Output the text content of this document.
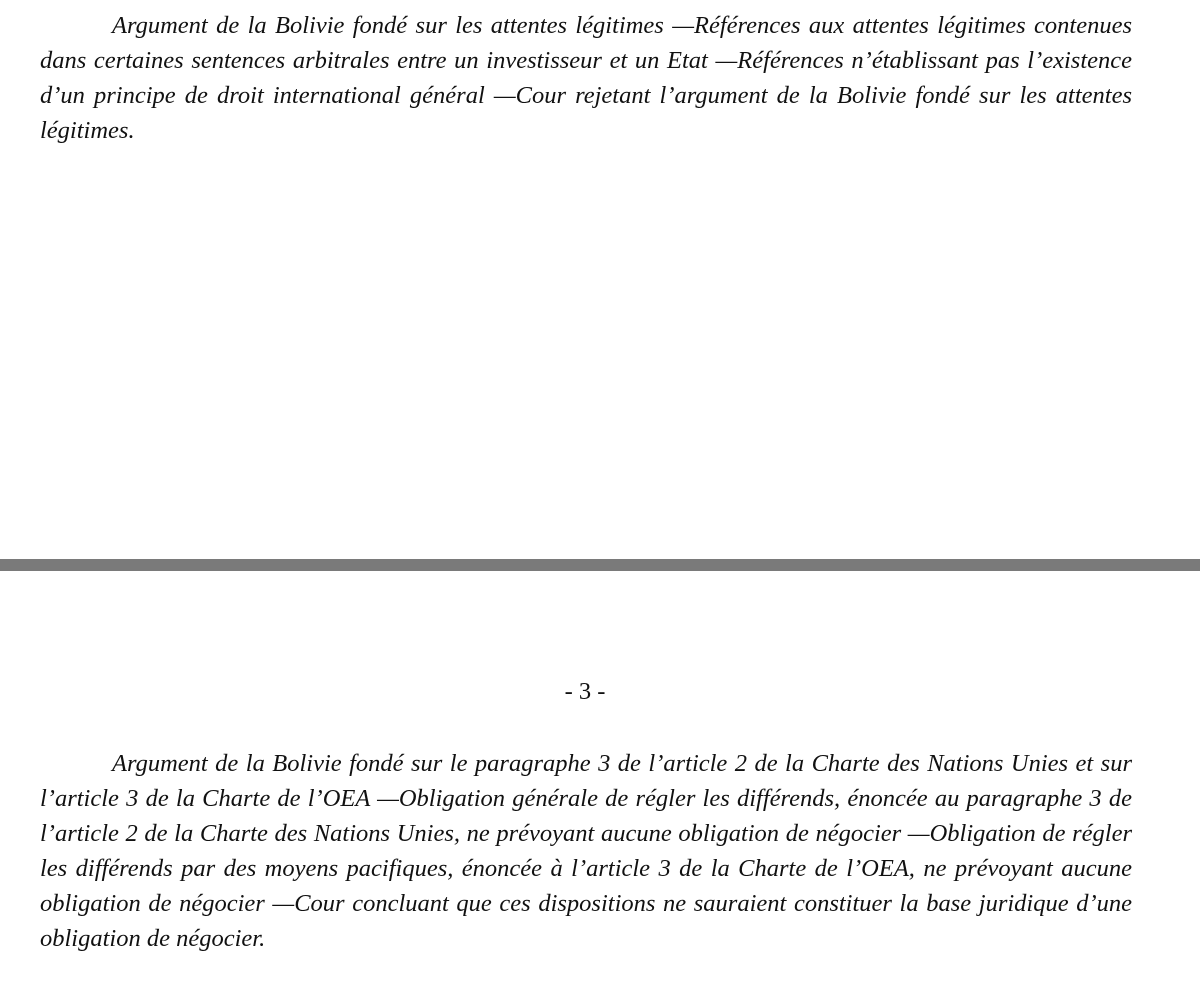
Argument de la Bolivie fondé sur les attentes légitimes —Références aux attentes légitimes contenues dans certaines sentences arbitrales entre un investisseur et un Etat —Références n’établissant pas l’existence d’un principe de droit international général —Cour rejetant l’argument de la Bolivie fondé sur les attentes légitimes.

- 3 -

Argument de la Bolivie fondé sur le paragraphe 3 de l’article 2 de la Charte des Nations Unies et sur l’article 3 de la Charte de l’OEA —Obligation générale de régler les différends, énoncée au paragraphe 3 de l’article 2 de la Charte des Nations Unies, ne prévoyant aucune obligation de négocier —Obligation de régler les différends par des moyens pacifiques, énoncée à l’article 3 de la Charte de l’OEA, ne prévoyant aucune obligation de négocier —Cour concluant que ces dispositions ne sauraient constituer la base juridique d’une obligation de négocier.
